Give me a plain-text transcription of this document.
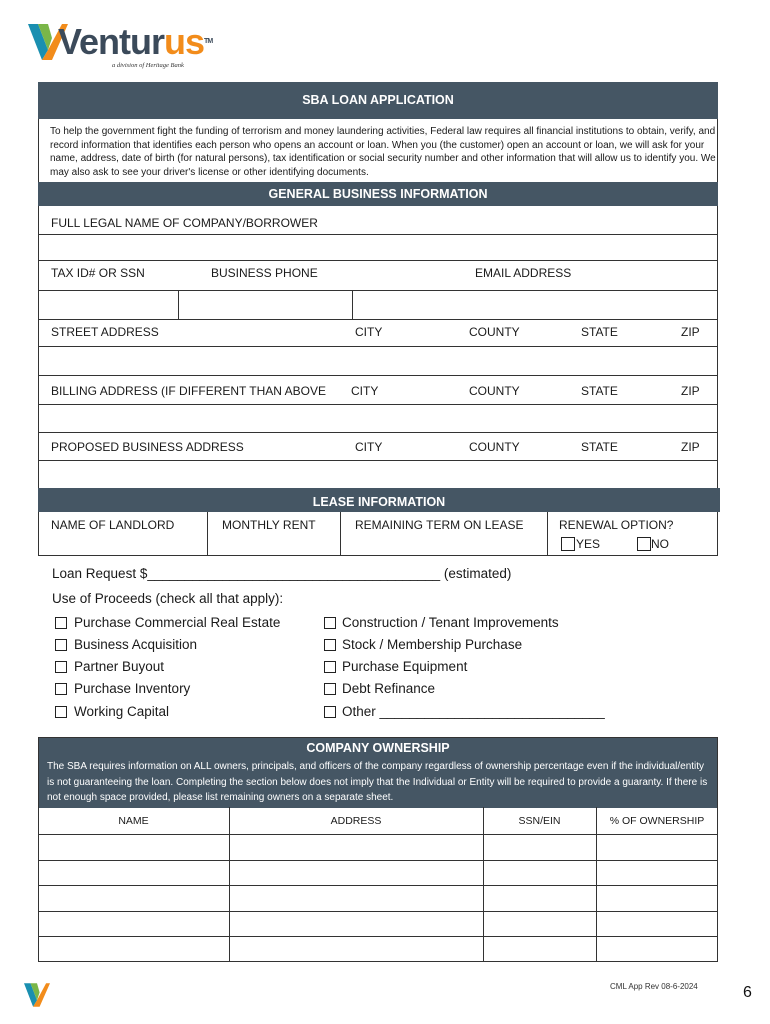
Venturus™
a division of Heritage Bank
SBA LOAN APPLICATION
To help the government fight the funding of terrorism and money laundering activities, Federal law requires all financial institutions to obtain, verify, and record information that identifies each person who opens an account or loan. When you (the customer) open an account or loan, we will ask for your name, address, date of birth (for natural persons), tax identification or social security number and other information that will allow us to identify you. We may also ask to see your driver's license or other identifying documents.
GENERAL BUSINESS INFORMATION
FULL LEGAL NAME OF COMPANY/BORROWER
TAX ID# OR SSN	BUSINESS PHONE	EMAIL ADDRESS
STREET ADDRESS	CITY	COUNTY	STATE	ZIP
BILLING ADDRESS (IF DIFFERENT THAN ABOVE CITY	COUNTY	STATE	ZIP
PROPOSED BUSINESS ADDRESS	CITY	COUNTY	STATE	ZIP
LEASE INFORMATION
NAME OF LANDLORD	MONTHLY RENT	REMAINING TERM ON LEASE	RENEWAL OPTION?
YES	NO
Loan Request $_______________________________________ (estimated)
Use of Proceeds (check all that apply):
Purchase Commercial Real Estate
Business Acquisition
Partner Buyout
Purchase Inventory
Working Capital
Construction / Tenant Improvements
Stock / Membership Purchase
Purchase Equipment
Debt Refinance
Other ______________________________
COMPANY OWNERSHIP
The SBA requires information on ALL owners, principals, and officers of the company regardless of ownership percentage even if the individual/entity is not guaranteeing the loan. Completing the section below does not imply that the Individual or Entity will be required to provide a guaranty. If there is not enough space provided, please list remaining owners on a separate sheet.
NAME	ADDRESS	SSN/EIN	% OF OWNERSHIP
CML App Rev 08-6-2024	6
